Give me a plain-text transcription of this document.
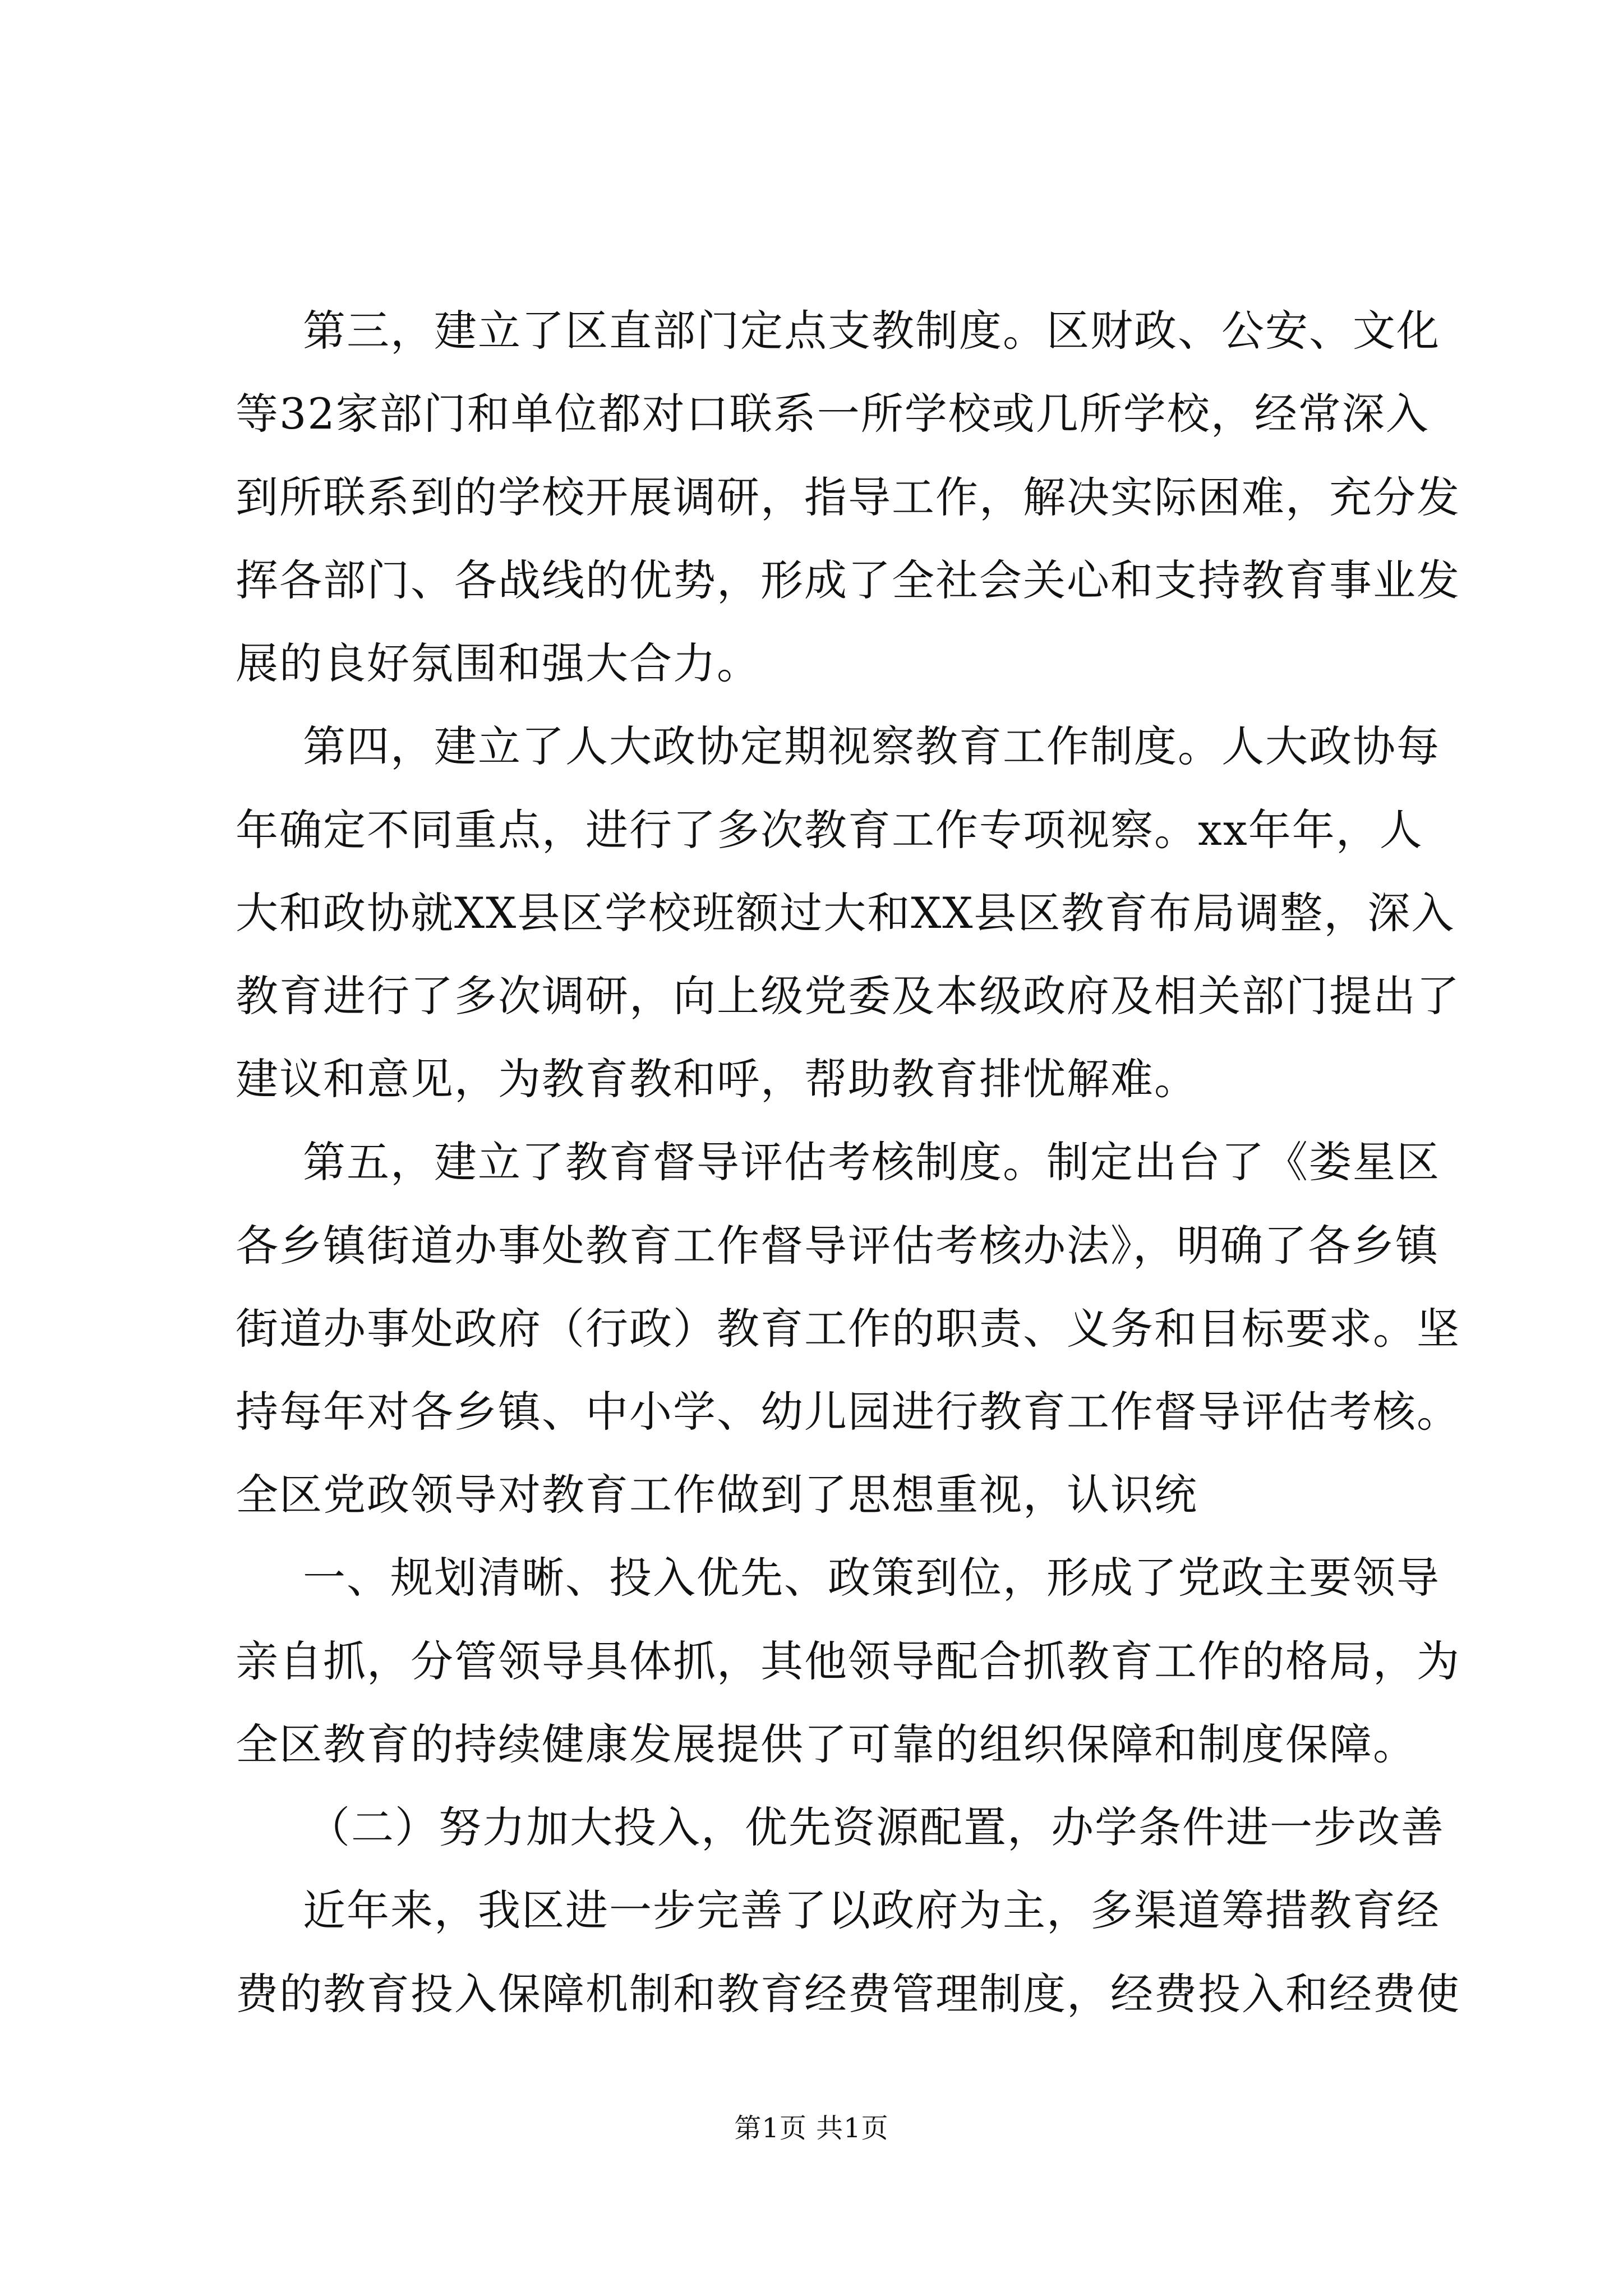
第三，建立了区直部门定点支教制度。区财政、公安、文化
等32家部门和单位都对口联系一所学校或几所学校，经常深入
到所联系到的学校开展调研，指导工作，解决实际困难，充分发
挥各部门、各战线的优势，形成了全社会关心和支持教育事业发
展的良好氛围和强大合力。
第四，建立了人大政协定期视察教育工作制度。人大政协每
年确定不同重点，进行了多次教育工作专项视察。xx年年，人
大和政协就XX县区学校班额过大和XX县区教育布局调整，深入
教育进行了多次调研，向上级党委及本级政府及相关部门提出了
建议和意见，为教育教和呼，帮助教育排忧解难。
第五，建立了教育督导评估考核制度。制定出台了《娄星区
各乡镇街道办事处教育工作督导评估考核办法》，明确了各乡镇
街道办事处政府（行政）教育工作的职责、义务和目标要求。坚
持每年对各乡镇、中小学、幼儿园进行教育工作督导评估考核。
全区党政领导对教育工作做到了思想重视，认识统
一、规划清晰、投入优先、政策到位，形成了党政主要领导
亲自抓，分管领导具体抓，其他领导配合抓教育工作的格局，为
全区教育的持续健康发展提供了可靠的组织保障和制度保障。
（二）努力加大投入，优先资源配置，办学条件进一步改善
近年来，我区进一步完善了以政府为主，多渠道筹措教育经
费的教育投入保障机制和教育经费管理制度，经费投入和经费使
第1页 共1页
